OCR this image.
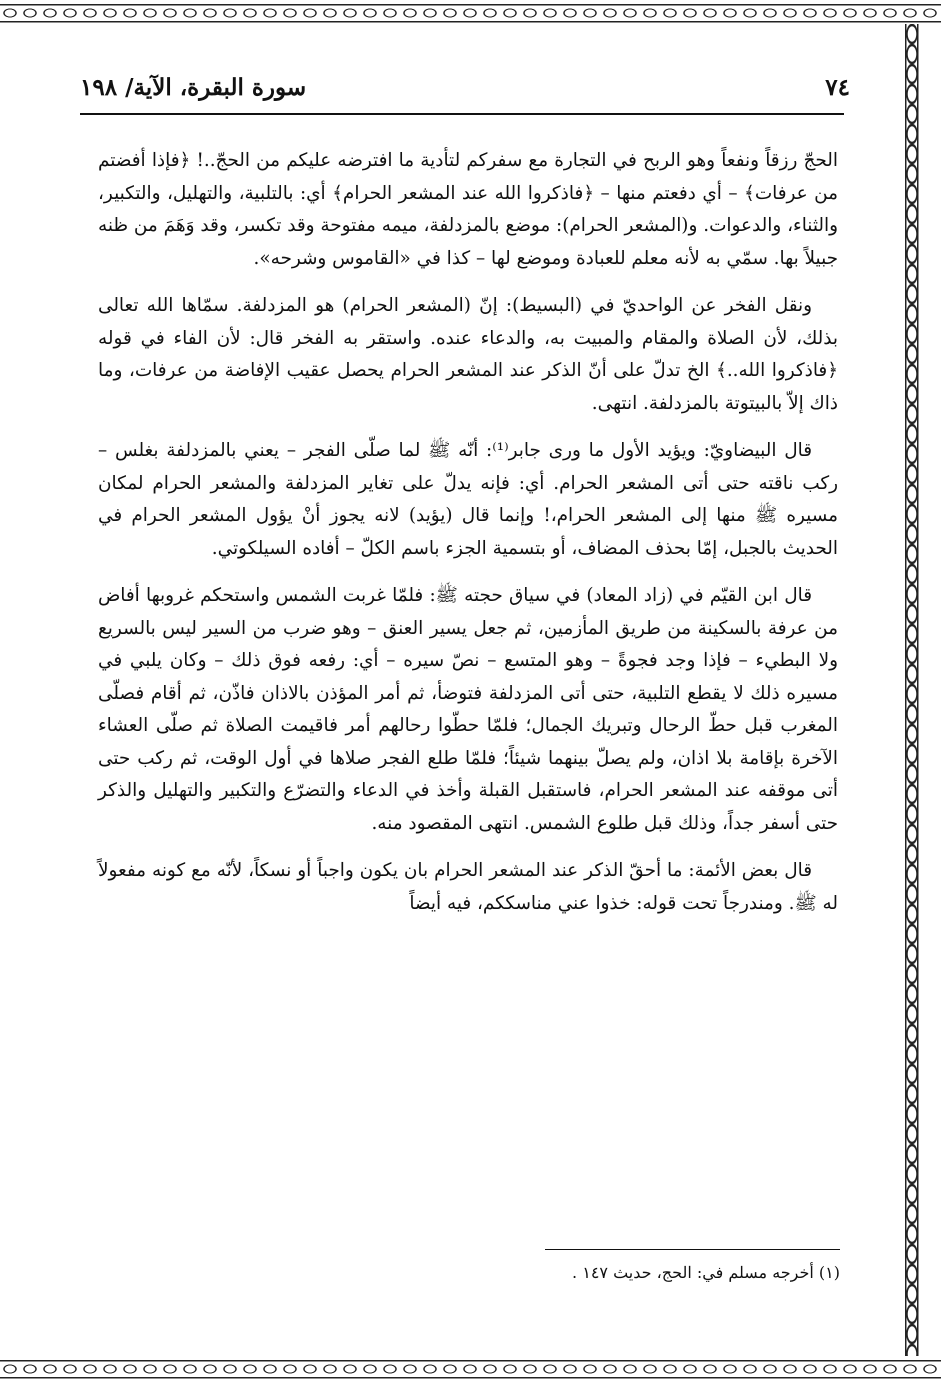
٧٤
سورة البقرة، الآية/ ١٩٨

الحجّ رزقاً ونفعاً وهو الربح في التجارة مع سفركم لتأدية ما افترضه عليكم من الحجّ..! ﴿فإذا أفضتم من عرفات﴾ – أي دفعتم منها – ﴿فاذكروا الله عند المشعر الحرام﴾ أي: بالتلبية، والتهليل، والتكبير، والثناء، والدعوات. و(المشعر الحرام): موضع بالمزدلفة، ميمه مفتوحة وقد تكسر، وقد وَهَمَ من ظنه جبيلاً بها. سمّي به لأنه معلم للعبادة وموضع لها – كذا في «القاموس وشرحه».

ونقل الفخر عن الواحديّ في (البسيط): إنّ (المشعر الحرام) هو المزدلفة. سمّاها الله تعالى بذلك، لأن الصلاة والمقام والمبيت به، والدعاء عنده. واستقر به الفخر قال: لأن الفاء في قوله ﴿فاذكروا الله..﴾ الخ تدلّ على أنّ الذكر عند المشعر الحرام يحصل عقيب الإفاضة من عرفات، وما ذاك إلاّ بالبيتوتة بالمزدلفة. انتهى.

قال البيضاويّ: ويؤيد الأول ما ورى جابر⁽¹⁾: أنّه ﷺ لما صلّى الفجر – يعني بالمزدلفة بغلس – ركب ناقته حتى أتى المشعر الحرام. أي: فإنه يدلّ على تغاير المزدلفة والمشعر الحرام لمكان مسيره ﷺ منها إلى المشعر الحرام،! وإنما قال (يؤيد) لانه يجوز أنْ يؤول المشعر الحرام في الحديث بالجبل، إمّا بحذف المضاف، أو بتسمية الجزء باسم الكلّ – أفاده السيلكوتي.

قال ابن القيّم في (زاد المعاد) في سياق حجته ﷺ: فلمّا غربت الشمس واستحكم غروبها أفاض من عرفة بالسكينة من طريق المأزمين، ثم جعل يسير العنق – وهو ضرب من السير ليس بالسريع ولا البطيء – فإذا وجد فجوةً – وهو المتسع – نصّ سيره – أي: رفعه فوق ذلك – وكان يلبي في مسيره ذلك لا يقطع التلبية، حتى أتى المزدلفة فتوضأ، ثم أمر المؤذن بالاذان فاذّن، ثم أقام فصلّى المغرب قبل حطّ الرحال وتبريك الجمال؛ فلمّا حطّوا رحالهم أمر فاقيمت الصلاة ثم صلّى العشاء الآخرة بإقامة بلا اذان، ولم يصلّ بينهما شيئاً؛ فلمّا طلع الفجر صلاها في أول الوقت، ثم ركب حتى أتى موقفه عند المشعر الحرام، فاستقبل القبلة وأخذ في الدعاء والتضرّع والتكبير والتهليل والذكر حتى أسفر جداً، وذلك قبل طلوع الشمس. انتهى المقصود منه.

قال بعض الأئمة: ما أحقّ الذكر عند المشعر الحرام بان يكون واجباً أو نسكاً، لأنّه مع كونه مفعولاً له ﷺ. ومندرجاً تحت قوله: خذوا عني مناسككم، فيه أيضاً

(١) أخرجه مسلم في: الحج، حديث ١٤٧ .
